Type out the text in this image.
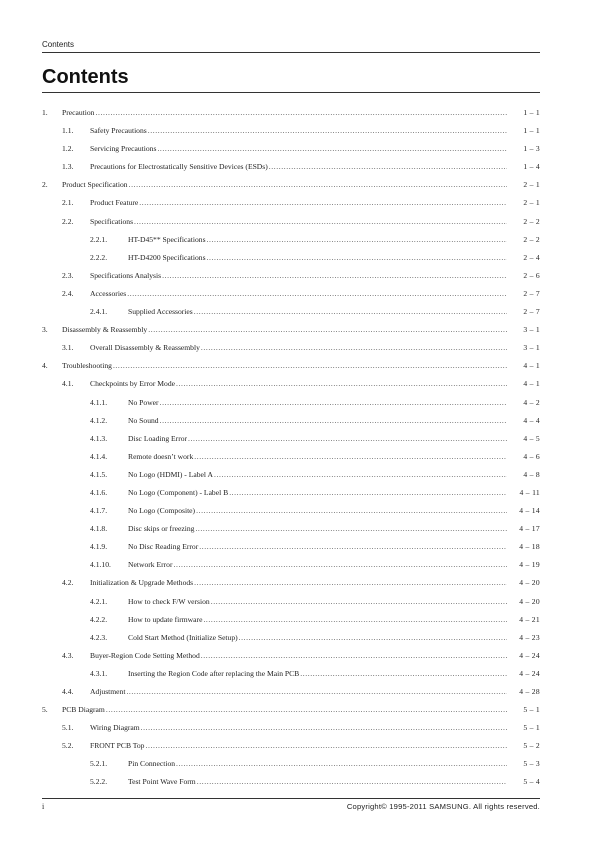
Contents
Contents
1.	Precaution .....	1 – 1
1.1.	Safety Precautions .....	1 – 1
1.2.	Servicing Precautions .....	1 – 3
1.3.	Precautions for Electrostatically Sensitive Devices (ESDs) .....	1 – 4
2.	Product Specification .....	2 – 1
2.1.	Product Feature .....	2 – 1
2.2.	Specifications .....	2 – 2
2.2.1.	HT-D45** Specifications .....	2 – 2
2.2.2.	HT-D4200 Specifications .....	2 – 4
2.3.	Specifications Analysis .....	2 – 6
2.4.	Accessories .....	2 – 7
2.4.1.	Supplied Accessories .....	2 – 7
3.	Disassembly & Reassembly .....	3 – 1
3.1.	Overall Disassembly & Reassembly .....	3 – 1
4.	Troubleshooting .....	4 – 1
4.1.	Checkpoints by Error Mode .....	4 – 1
4.1.1.	No Power .....	4 – 2
4.1.2.	No Sound .....	4 – 4
4.1.3.	Disc Loading Error .....	4 – 5
4.1.4.	Remote doesn’t work .....	4 – 6
4.1.5.	No Logo (HDMI) - Label A .....	4 – 8
4.1.6.	No Logo (Component) - Label B .....	4 – 11
4.1.7.	No Logo (Composite) .....	4 – 14
4.1.8.	Disc skips or freezing .....	4 – 17
4.1.9.	No Disc Reading Error .....	4 – 18
4.1.10.	Network Error .....	4 – 19
4.2.	Initialization & Upgrade Methods .....	4 – 20
4.2.1.	How to check F/W version .....	4 – 20
4.2.2.	How to update firmware .....	4 – 21
4.2.3.	Cold Start Method (Initialize Setup) .....	4 – 23
4.3.	Buyer-Region Code Setting Method .....	4 – 24
4.3.1.	Inserting the Region Code after replacing the Main PCB .....	4 – 24
4.4.	Adjustment .....	4 – 28
5.	PCB Diagram .....	5 – 1
5.1.	Wiring Diagram .....	5 – 1
5.2.	FRONT PCB Top .....	5 – 2
5.2.1.	Pin Connection .....	5 – 3
5.2.2.	Test Point Wave Form .....	5 – 4
i	Copyright© 1995-2011 SAMSUNG. All rights reserved.
